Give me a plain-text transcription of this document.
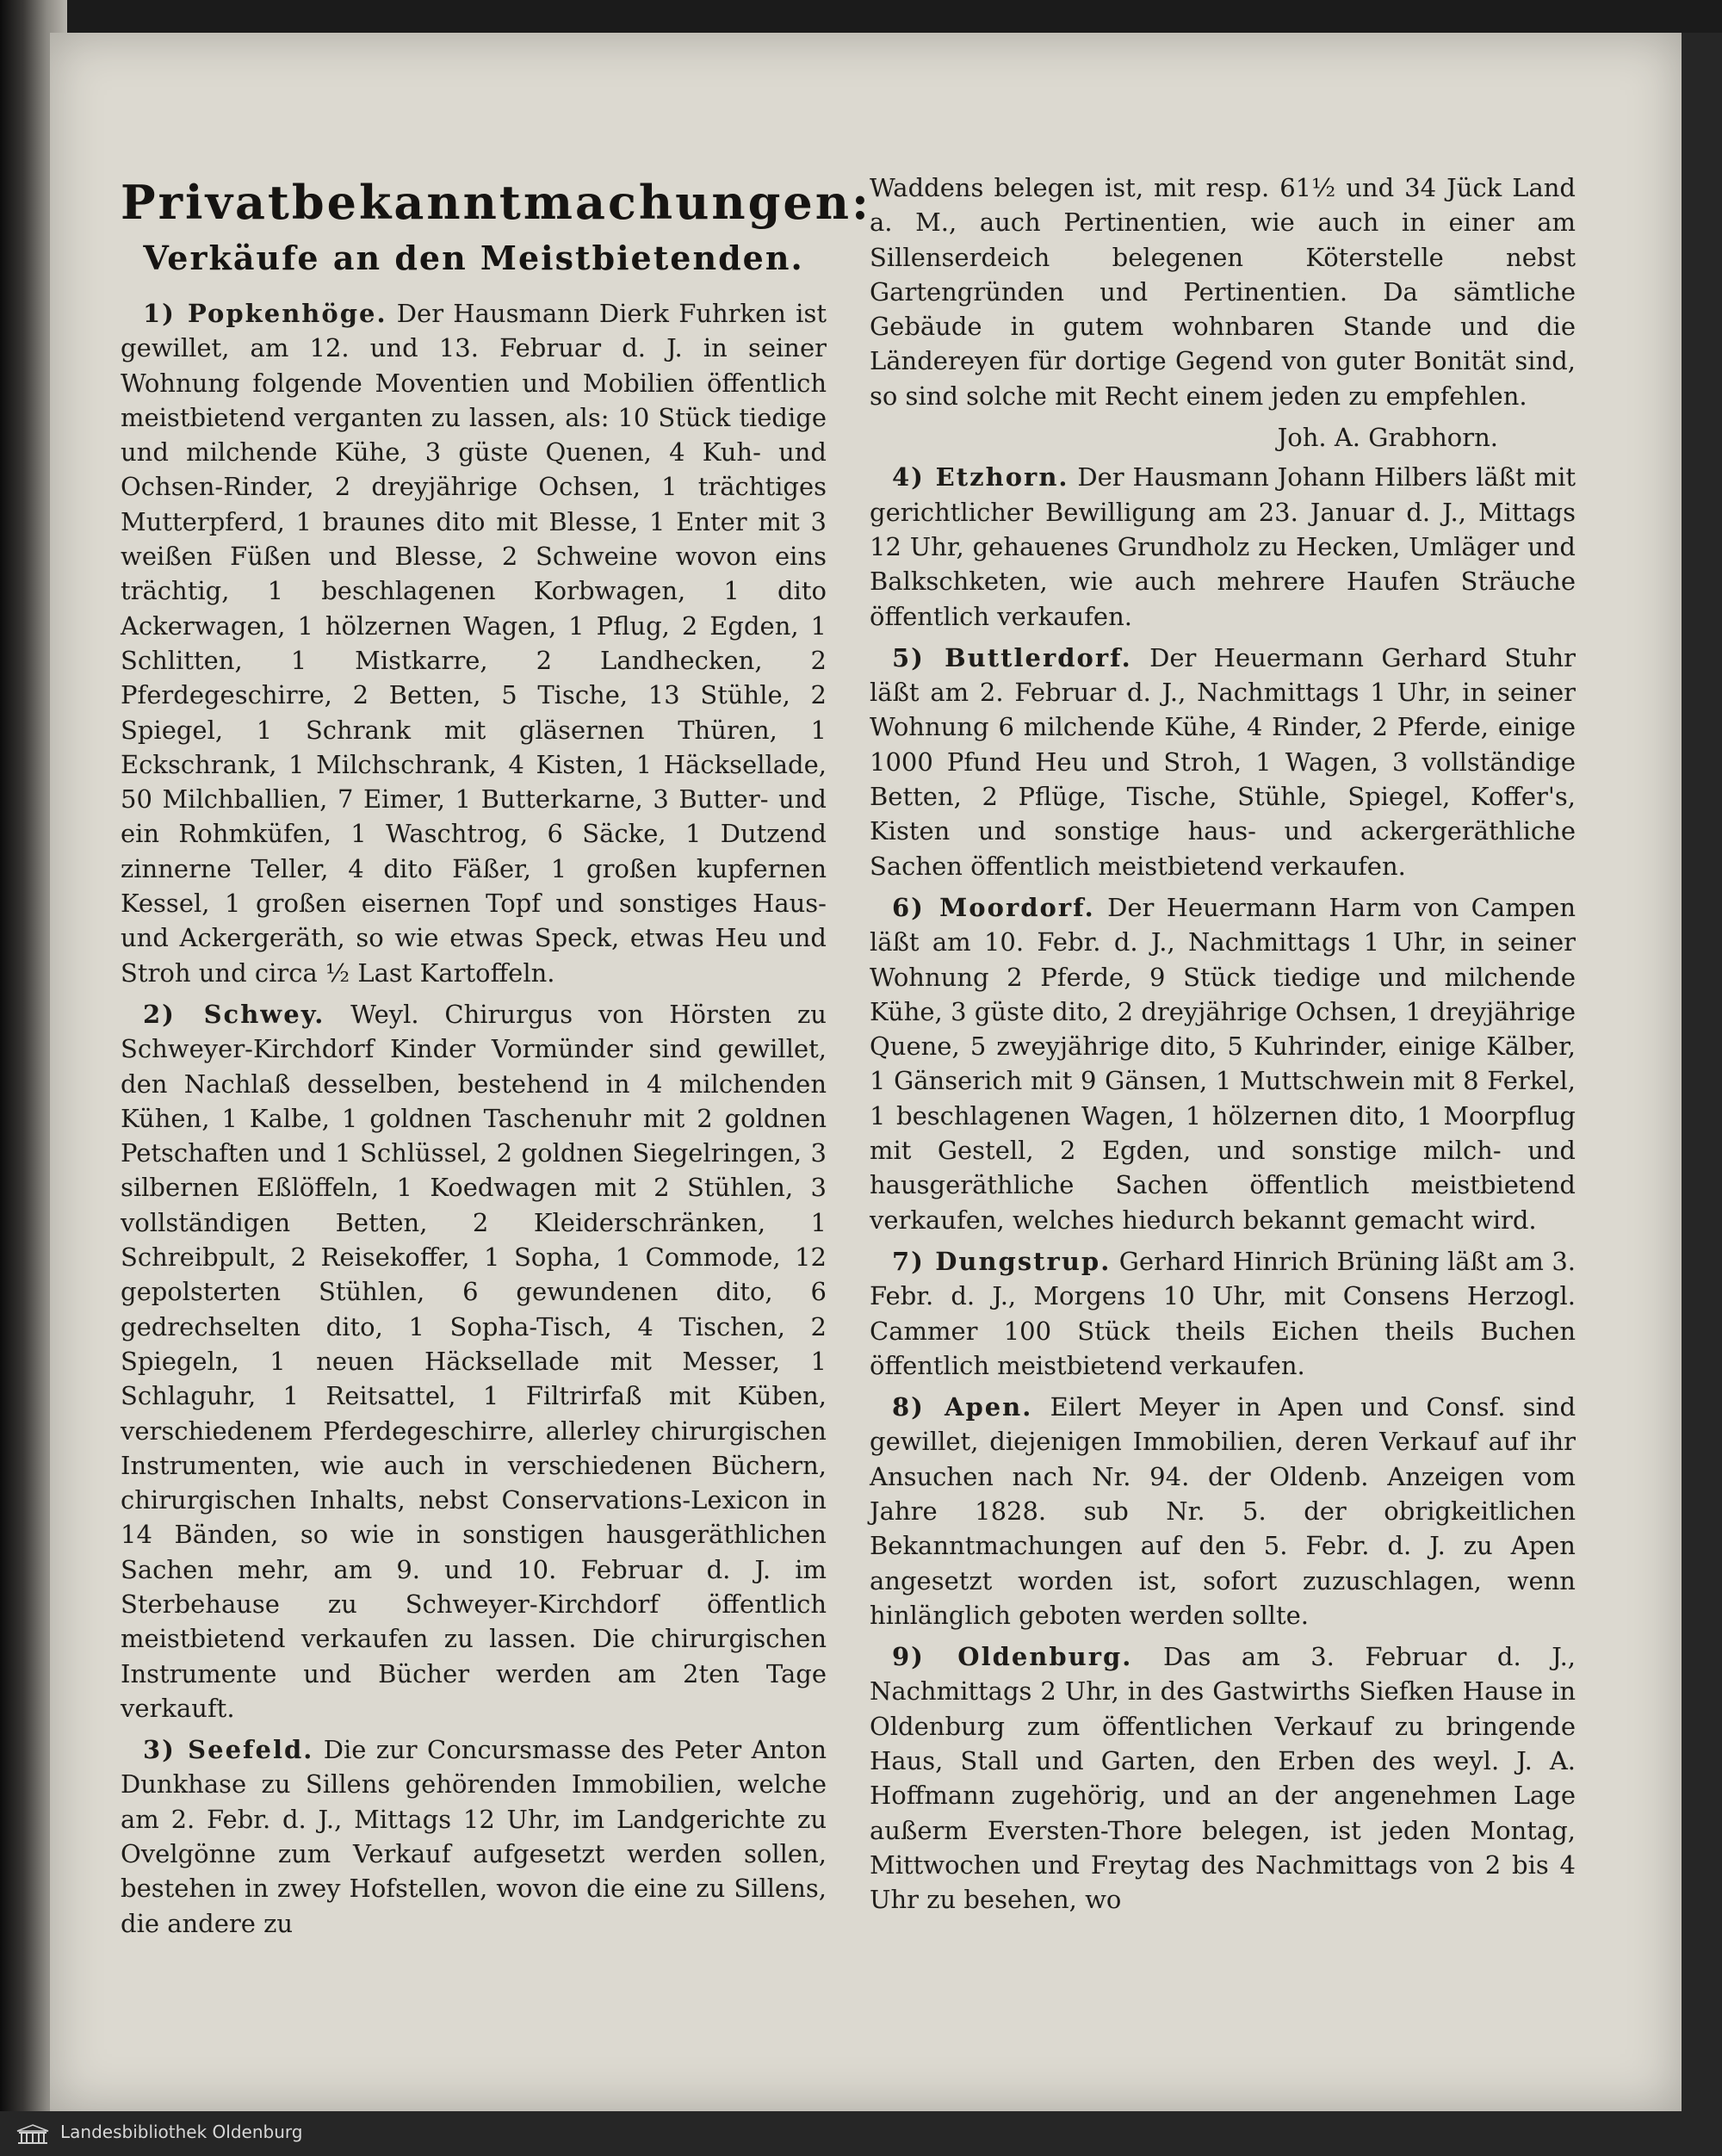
Privatbekanntmachungen:
Verkäufe an den Meistbietenden.

1) Popkenhöge. Der Hausmann Dierk Fuhrken ist gewillet, am 12. und 13. Februar d. J. in seiner Wohnung folgende Moventien und Mobilien öffentlich meistbietend verganten zu lassen, als: 10 Stück tiedige und milchende Kühe, 3 güste Quenen, 4 Kuh- und Ochsen-Rinder, 2 dreyjährige Ochsen, 1 trächtiges Mutterpferd, 1 braunes dito mit Blesse, 1 Enter mit 3 weißen Füßen und Blesse, 2 Schweine wovon eins trächtig, 1 beschlagenen Korbwagen, 1 dito Ackerwagen, 1 hölzernen Wagen, 1 Pflug, 2 Egden, 1 Schlitten, 1 Mistkarre, 2 Landhecken, 2 Pferdegeschirre, 2 Betten, 5 Tische, 13 Stühle, 2 Spiegel, 1 Schrank mit gläsernen Thüren, 1 Eckschrank, 1 Milchschrank, 4 Kisten, 1 Häcksellade, 50 Milchballien, 7 Eimer, 1 Butterkarne, 3 Butter- und ein Rohmküfen, 1 Waschtrog, 6 Säcke, 1 Dutzend zinnerne Teller, 4 dito Fäßer, 1 großen kupfernen Kessel, 1 großen eisernen Topf und sonstiges Haus- und Ackergeräth, so wie etwas Speck, etwas Heu und Stroh und circa ½ Last Kartoffeln.

2) Schwey. Weyl. Chirurgus von Hörsten zu Schweyer-Kirchdorf Kinder Vormünder sind gewillet, den Nachlaß desselben, bestehend in 4 milchenden Kühen, 1 Kalbe, 1 goldnen Taschenuhr mit 2 goldnen Petschaften und 1 Schlüssel, 2 goldnen Siegelringen, 3 silbernen Eßlöffeln, 1 Koedwagen mit 2 Stühlen, 3 vollständigen Betten, 2 Kleiderschränken, 1 Schreibpult, 2 Reisekoffer, 1 Sopha, 1 Commode, 12 gepolsterten Stühlen, 6 gewundenen dito, 6 gedrechselten dito, 1 Sopha-Tisch, 4 Tischen, 2 Spiegeln, 1 neuen Häcksellade mit Messer, 1 Schlaguhr, 1 Reitsattel, 1 Filtrirfaß mit Küben, verschiedenem Pferdegeschirre, allerley chirurgischen Instrumenten, wie auch in verschiedenen Büchern, chirurgischen Inhalts, nebst Conservations-Lexicon in 14 Bänden, so wie in sonstigen hausgeräthlichen Sachen mehr, am 9. und 10. Februar d. J. im Sterbehause zu Schweyer-Kirchdorf öffentlich meistbietend verkaufen zu lassen. Die chirurgischen Instrumente und Bücher werden am 2ten Tage verkauft.

3) Seefeld. Die zur Concursmasse des Peter Anton Dunkhase zu Sillens gehörenden Immobilien, welche am 2. Febr. d. J., Mittags 12 Uhr, im Landgerichte zu Ovelgönne zum Verkauf aufgesetzt werden sollen, bestehen in zwey Hofstellen, wovon die eine zu Sillens, die andere zu

Waddens belegen ist, mit resp. 61½ und 34 Jück Land a. M., auch Pertinentien, wie auch in einer am Sillenserdeich belegenen Köterstelle nebst Gartengründen und Pertinentien. Da sämtliche Gebäude in gutem wohnbaren Stande und die Ländereyen für dortige Gegend von guter Bonität sind, so sind solche mit Recht einem jeden zu empfehlen.

Joh. A. Grabhorn.

4) Etzhorn. Der Hausmann Johann Hilbers läßt mit gerichtlicher Bewilligung am 23. Januar d. J., Mittags 12 Uhr, gehauenes Grundholz zu Hecken, Umläger und Balkschketen, wie auch mehrere Haufen Sträuche öffentlich verkaufen.

5) Buttlerdorf. Der Heuermann Gerhard Stuhr läßt am 2. Februar d. J., Nachmittags 1 Uhr, in seiner Wohnung 6 milchende Kühe, 4 Rinder, 2 Pferde, einige 1000 Pfund Heu und Stroh, 1 Wagen, 3 vollständige Betten, 2 Pflüge, Tische, Stühle, Spiegel, Koffer's, Kisten und sonstige haus- und ackergeräthliche Sachen öffentlich meistbietend verkaufen.

6) Moordorf. Der Heuermann Harm von Campen läßt am 10. Febr. d. J., Nachmittags 1 Uhr, in seiner Wohnung 2 Pferde, 9 Stück tiedige und milchende Kühe, 3 güste dito, 2 dreyjährige Ochsen, 1 dreyjährige Quene, 5 zweyjährige dito, 5 Kuhrinder, einige Kälber, 1 Gänserich mit 9 Gänsen, 1 Muttschwein mit 8 Ferkel, 1 beschlagenen Wagen, 1 hölzernen dito, 1 Moorpflug mit Gestell, 2 Egden, und sonstige milch- und hausgeräthliche Sachen öffentlich meistbietend verkaufen, welches hiedurch bekannt gemacht wird.

7) Dungstrup. Gerhard Hinrich Brüning läßt am 3. Febr. d. J., Morgens 10 Uhr, mit Consens Herzogl. Cammer 100 Stück theils Eichen theils Buchen öffentlich meistbietend verkaufen.

8) Apen. Eilert Meyer in Apen und Consf. sind gewillet, diejenigen Immobilien, deren Verkauf auf ihr Ansuchen nach Nr. 94. der Oldenb. Anzeigen vom Jahre 1828. sub Nr. 5. der obrigkeitlichen Bekanntmachungen auf den 5. Febr. d. J. zu Apen angesetzt worden ist, sofort zuzuschlagen, wenn hinlänglich geboten werden sollte.

9) Oldenburg. Das am 3. Februar d. J., Nachmittags 2 Uhr, in des Gastwirths Siefken Hause in Oldenburg zum öffentlichen Verkauf zu bringende Haus, Stall und Garten, den Erben des weyl. J. A. Hoffmann zugehörig, und an der angenehmen Lage außerm Eversten-Thore belegen, ist jeden Montag, Mittwochen und Freytag des Nachmittags von 2 bis 4 Uhr zu besehen, wo

Landesbibliothek Oldenburg
